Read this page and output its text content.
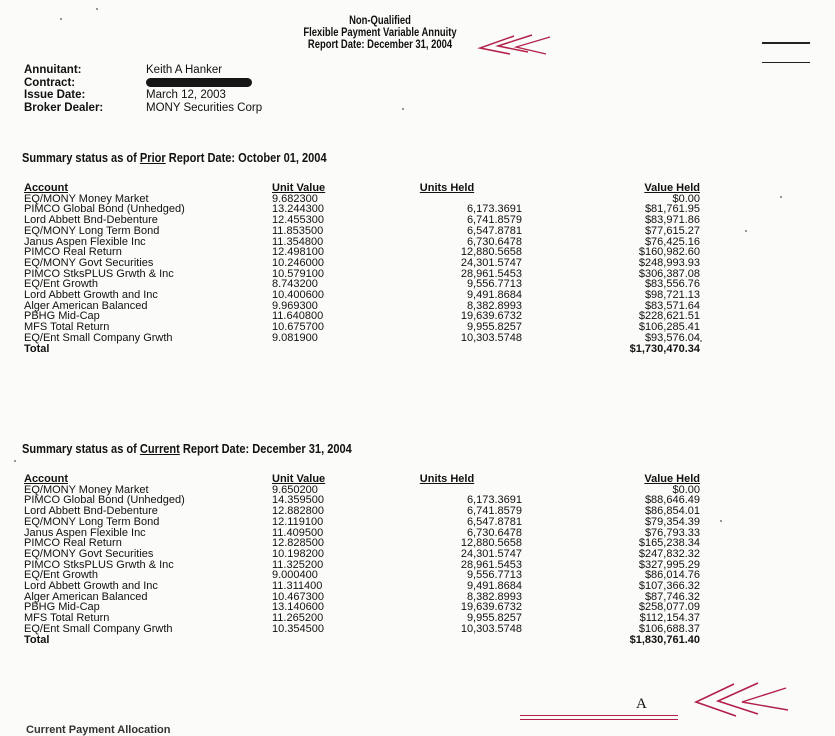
Non-Qualified
Flexible Payment Variable Annuity
Report Date: December 31, 2004
Annuitant:	Keith A Hanker
Contract:
Issue Date:	March 12, 2003
Broker Dealer:	MONY Securities Corp
Summary status as of Prior Report Date: October 01, 2004
Account	Unit Value	Units Held	Value Held
EQ/MONY Money Market	9.682300		$0.00
PIMCO Global Bond (Unhedged)	13.244300	6,173.3691	$81,761.95
Lord Abbett Bnd-Debenture	12.455300	6,741.8579	$83,971.86
EQ/MONY Long Term Bond	11.853500	6,547.8781	$77,615.27
Janus Aspen Flexible Inc	11.354800	6,730.6478	$76,425.16
PIMCO Real Return	12.498100	12,880.5658	$160,982.60
EQ/MONY Govt Securities	10.246000	24,301.5747	$248,993.93
PIMCO StksPLUS Grwth & Inc	10.579100	28,961.5453	$306,387.08
EQ/Ent Growth	8.743200	9,556.7713	$83,556.76
Lord Abbett Growth and Inc	10.400600	9,491.8684	$98,721.13
Alger American Balanced	9.969300	8,382.8993	$83,571.64
PBHG Mid-Cap	11.640800	19,639.6732	$228,621.51
MFS Total Return	10.675700	9,955.8257	$106,285.41
EQ/Ent Small Company Grwth	9.081900	10,303.5748	$93,576.04
Total			$1,730,470.34
Summary status as of Current Report Date: December 31, 2004
Account	Unit Value	Units Held	Value Held
EQ/MONY Money Market	9.650200		$0.00
PIMCO Global Bond (Unhedged)	14.359500	6,173.3691	$88,646.49
Lord Abbett Bnd-Debenture	12.882800	6,741.8579	$86,854.01
EQ/MONY Long Term Bond	12.119100	6,547.8781	$79,354.39
Janus Aspen Flexible Inc	11.409500	6,730.6478	$76,793.33
PIMCO Real Return	12.828500	12,880.5658	$165,238.34
EQ/MONY Govt Securities	10.198200	24,301.5747	$247,832.32
PIMCO StksPLUS Grwth & Inc	11.325200	28,961.5453	$327,995.29
EQ/Ent Growth	9.000400	9,556.7713	$86,014.76
Lord Abbett Growth and Inc	11.311400	9,491.8684	$107,366.32
Alger American Balanced	10.467300	8,382.8993	$87,746.32
PBHG Mid-Cap	13.140600	19,639.6732	$258,077.09
MFS Total Return	11.265200	9,955.8257	$112,154.37
EQ/Ent Small Company Grwth	10.354500	10,303.5748	$106,688.37
Total			$1,830,761.40
A
Current Payment Allocation
